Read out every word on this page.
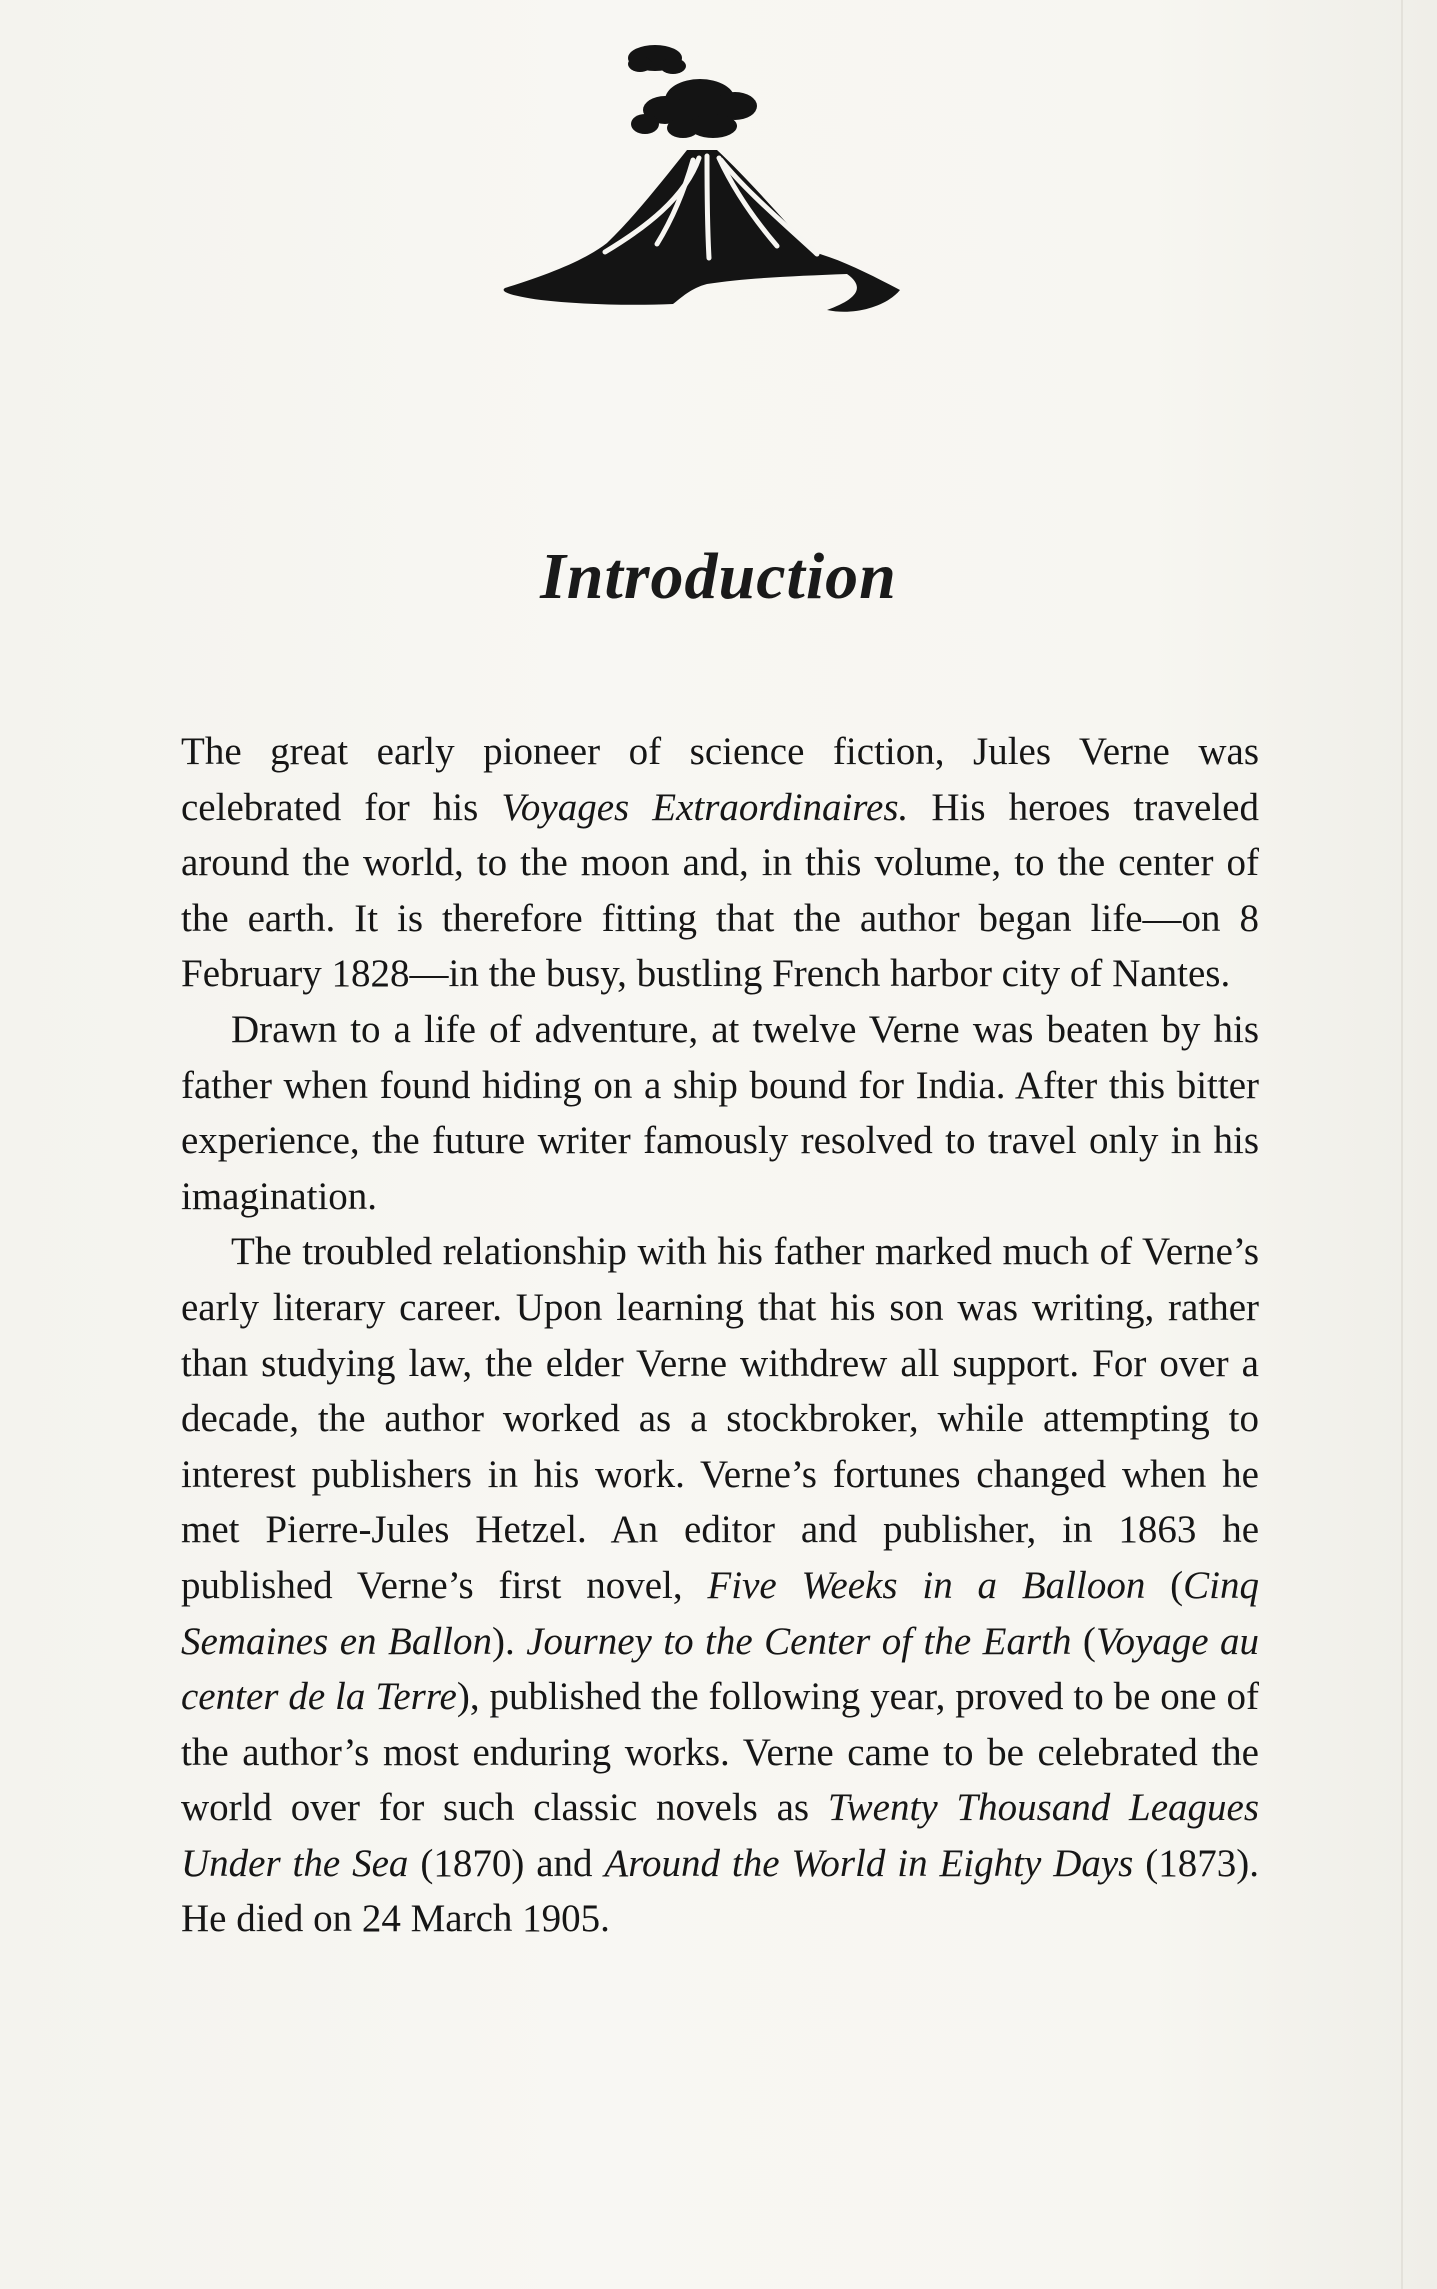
Introduction

The great early pioneer of science fiction, Jules Verne was celebrated for his Voyages Extraordinaires. His heroes traveled around the world, to the moon and, in this volume, to the center of the earth. It is therefore fitting that the author began life—on 8 February 1828—in the busy, bustling French harbor city of Nantes.

Drawn to a life of adventure, at twelve Verne was beaten by his father when found hiding on a ship bound for India. After this bitter experience, the future writer famously resolved to travel only in his imagination.

The troubled relationship with his father marked much of Verne’s early literary career. Upon learning that his son was writing, rather than studying law, the elder Verne withdrew all support. For over a decade, the author worked as a stockbroker, while attempting to interest publishers in his work. Verne’s fortunes changed when he met Pierre-Jules Hetzel. An editor and publisher, in 1863 he published Verne’s first novel, Five Weeks in a Balloon (Cinq Semaines en Ballon). Journey to the Center of the Earth (Voyage au center de la Terre), published the following year, proved to be one of the author’s most enduring works. Verne came to be celebrated the world over for such classic novels as Twenty Thousand Leagues Under the Sea (1870) and Around the World in Eighty Days (1873). He died on 24 March 1905.
